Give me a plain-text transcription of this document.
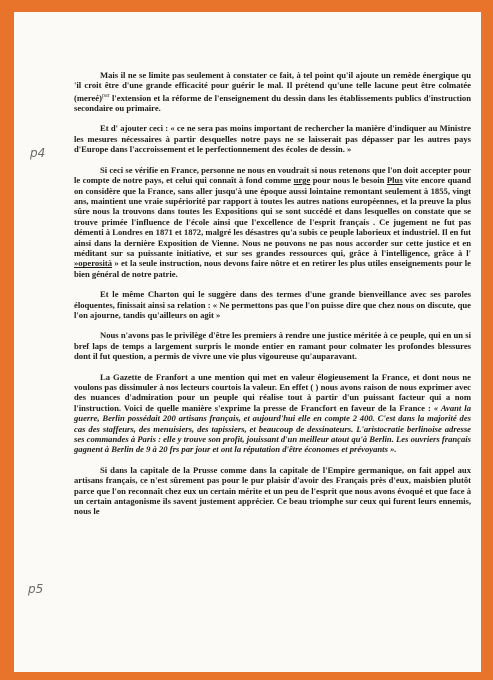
p4
p5

Mais il ne se limite pas seulement à constater ce fait, à tel point qu'il ajoute un remède énergique qu 'il croit être d'une grande efficacité pour guérir le mal. Il prétend qu'une telle lacune peut être colmatée (mereé)$^{par}$ l'extension et la réforme de l'enseignement du dessin dans les établissements publics d'instruction secondaire ou primaire.

Et d' ajouter ceci : « ce ne sera pas moins important de rechercher la manière d'indiquer au Ministre les mesures nécessaires à partir desquelles notre pays ne se laisserait pas dépasser par les autres pays d'Europe dans l'accroissement et le perfectionnement des écoles de dessin. »

Si ceci se vérifie en France, personne ne nous en voudrait si nous retenons que l'on doit accepter pour le compte de notre pays, et celui qui connaît à fond comme urge pour nous le besoin Plus vite encore quand on considère que la France, sans aller jusqu'à une époque aussi lointaine remontant seulement à 1855, vingt ans, maintient une vraie supériorité par rapport à toutes les autres nations européennes, et la preuve la plus sûre nous la trouvons dans toutes les Expositions qui se sont succédé et dans lesquelles on constate que se trouve primée l'influence de l'école ainsi que l'excellence de l'esprit français . Ce jugement ne fut pas démenti à Londres en 1871 et 1872, malgré les désastres qu'a subis ce peuple laborieux et industriel. Il en fut ainsi dans la dernière Exposition de Vienne. Nous ne pouvons ne pas nous accorder sur cette justice et en méditant sur sa puissante initiative, et sur ses grandes ressources qui, grâce à l'intelligence, grâce à l' »operosità » et la seule instruction, nous devons faire nôtre et en retirer les plus utiles enseignements pour le bien général de notre patrie.

Et le même Charton qui le suggère dans des termes d'une grande bienveillance avec ses paroles éloquentes, finissait ainsi sa relation : « Ne permettons pas que l'on puisse dire que chez nous on discute, que l'on ajourne, tandis qu'ailleurs on agit »

Nous n'avons pas le privilège d'être les premiers à rendre une justice méritée à ce peuple, qui en un si bref laps de temps a largement surpris le monde entier en ramant pour colmater les profondes blessures dont il fut question, a permis de vivre une vie plus vigoureuse qu'auparavant.

La Gazette de Franfort a une mention qui met en valeur élogieusement la France, et dont nous ne voulons pas dissimuler à nos lecteurs courtois la valeur. En effet ( ) nous avons raison de nous exprimer avec des nuances d'admiration pour un peuple qui réalise tout à partir d'un puissant facteur qui a nom l'instruction. Voici de quelle manière s'exprime la presse de Francfort en faveur de la France : « Avant la guerre, Berlin possédait 200 artisans français, et aujourd'hui elle en compte 2 400. C'est dans la majorité des cas des staffeurs, des menuisiers, des tapissiers, et beaucoup de dessinateurs. L'aristocratie berlinoise adresse ses commandes à Paris : elle y trouve son profit, jouissant d'un meilleur atout qu'à Berlin. Les ouvriers français gagnent à Berlin de 9 à 20 frs par jour et ont la réputation d'être économes et prévoyants ».

Si dans la capitale de la Prusse comme dans la capitale de l'Empire germanique, on fait appel aux artisans français, ce n'est sûrement pas pour le pur plaisir d'avoir des Français près d'eux, maisbien plutôt parce que l'on reconnaît chez eux un certain mérite et un peu de l'esprit que nous avons évoqué et que face à un certain antagonisme ils savent justement apprécier. Ce beau triomphe sur ceux qui furent leurs ennemis, nous le
